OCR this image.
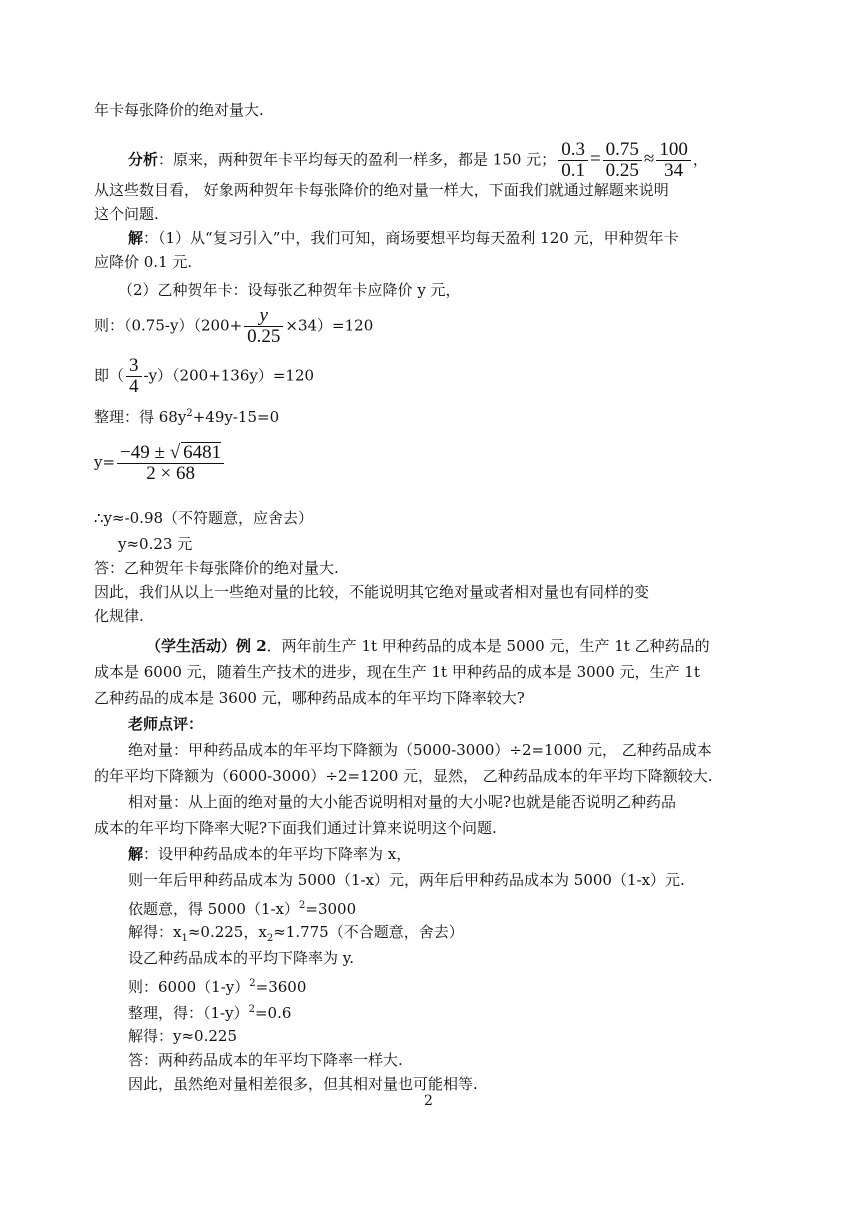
年卡每张降价的绝对量大.
分析：原来，两种贺年卡平均每天的盈利一样多，都是 150 元； $\frac{0.3}{0.1} = \frac{0.75}{0.25} \approx \frac{100}{34}$ ，
从这些数目看， 好象两种贺年卡每张降价的绝对量一样大，下面我们就通过解题来说明
这个问题.
解：（1）从“复习引入”中，我们可知，商场要想平均每天盈利 120 元，甲种贺年卡
应降价 0.1 元.
（2）乙种贺年卡：设每张乙种贺年卡应降价 y 元，
则：$(0.75-y)(200+ \frac{y}{0.25} \times 34)=120$
即（ $\frac{3}{4} -y)(200+136y)=120$
整理：得 $68y^2+49y-15=0$
$y= \frac{-49 \pm √ 6481}{2 \times 68}$
∴y≈-0.98（不符题意，应舍去）
y≈0.23 元
答：乙种贺年卡每张降价的绝对量大.
因此，我们从以上一些绝对量的比较，不能说明其它绝对量或者相对量也有同样的变
化规律.
（学生活动）例 2．两年前生产 1t 甲种药品的成本是 5000 元，生产 1t 乙种药品的
成本是 6000 元，随着生产技术的进步，现在生产 1t 甲种药品的成本是 3000 元，生产 1t
乙种药品的成本是 3600 元，哪种药品成本的年平均下降率较大?
老师点评：
绝对量：甲种药品成本的年平均下降额为（5000-3000）÷2=1000 元， 乙种药品成本
的年平均下降额为（6000-3000）÷2=1200 元，显然， 乙种药品成本的年平均下降额较大.
相对量：从上面的绝对量的大小能否说明相对量的大小呢?也就是能否说明乙种药品
成本的年平均下降率大呢?下面我们通过计算来说明这个问题.
解：设甲种药品成本的年平均下降率为 x，
则一年后甲种药品成本为 5000（1-x）元，两年后甲种药品成本为 5000（1-x）元.
依题意，得 $5000(1-x)^2=3000$
解得：$x_1\approx 0.225$，$x_2\approx 1.775$（不合题意，舍去）
设乙种药品成本的平均下降率为 y.
则：$6000(1-y)^2=3600$
整理，得：$(1-y)^2=0.6$
解得：y≈0.225
答：两种药品成本的年平均下降率一样大.
因此，虽然绝对量相差很多，但其相对量也可能相等.
2
